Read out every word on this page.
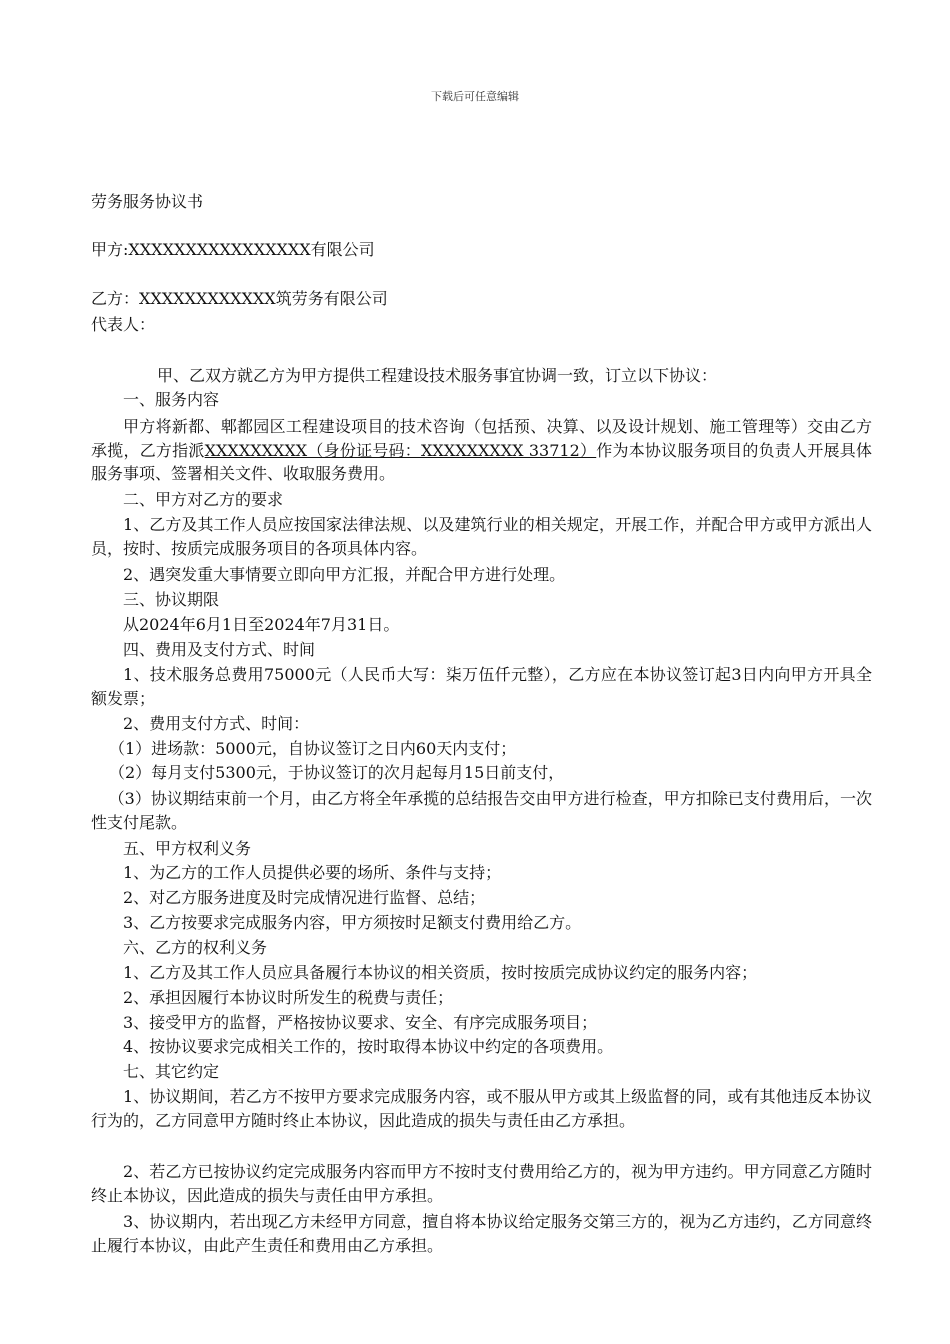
下载后可任意编辑
劳务服务协议书
甲方:XXXXXXXXXXXXXXXX有限公司
乙方：XXXXXXXXXXXX筑劳务有限公司
代表人：
甲、乙双方就乙方为甲方提供工程建设技术服务事宜协调一致，订立以下协议：
一、服务内容
甲方将新都、郫都园区工程建设项目的技术咨询（包括预、决算、以及设计规划、施工管理等）交由乙方承揽，乙方指派XXXXXXXXX（身份证号码：XXXXXXXXX 33712）作为本协议服务项目的负责人开展具体服务事项、签署相关文件、收取服务费用。
二、甲方对乙方的要求
1、乙方及其工作人员应按国家法律法规、以及建筑行业的相关规定，开展工作，并配合甲方或甲方派出人员，按时、按质完成服务项目的各项具体内容。
2、遇突发重大事情要立即向甲方汇报，并配合甲方进行处理。
三、协议期限
从2024年6月1日至2024年7月31日。
四、费用及支付方式、时间
1、技术服务总费用75000元（人民币大写：柒万伍仟元整），乙方应在本协议签订起3日内向甲方开具全额发票；
2、费用支付方式、时间：
（1）进场款：5000元，自协议签订之日内60天内支付；
（2）每月支付5300元，于协议签订的次月起每月15日前支付，
（3）协议期结束前一个月，由乙方将全年承揽的总结报告交由甲方进行检查，甲方扣除已支付费用后，一次性支付尾款。
五、甲方权利义务
1、为乙方的工作人员提供必要的场所、条件与支持；
2、对乙方服务进度及时完成情况进行监督、总结；
3、乙方按要求完成服务内容，甲方须按时足额支付费用给乙方。
六、乙方的权利义务
1、乙方及其工作人员应具备履行本协议的相关资质，按时按质完成协议约定的服务内容；
2、承担因履行本协议时所发生的税费与责任；
3、接受甲方的监督，严格按协议要求、安全、有序完成服务项目；
4、按协议要求完成相关工作的，按时取得本协议中约定的各项费用。
七、其它约定
1、协议期间，若乙方不按甲方要求完成服务内容，或不服从甲方或其上级监督的同，或有其他违反本协议行为的，乙方同意甲方随时终止本协议，因此造成的损失与责任由乙方承担。
2、若乙方已按协议约定完成服务内容而甲方不按时支付费用给乙方的，视为甲方违约。甲方同意乙方随时终止本协议，因此造成的损失与责任由甲方承担。
3、协议期内，若出现乙方未经甲方同意，擅自将本协议给定服务交第三方的，视为乙方违约，乙方同意终止履行本协议，由此产生责任和费用由乙方承担。
